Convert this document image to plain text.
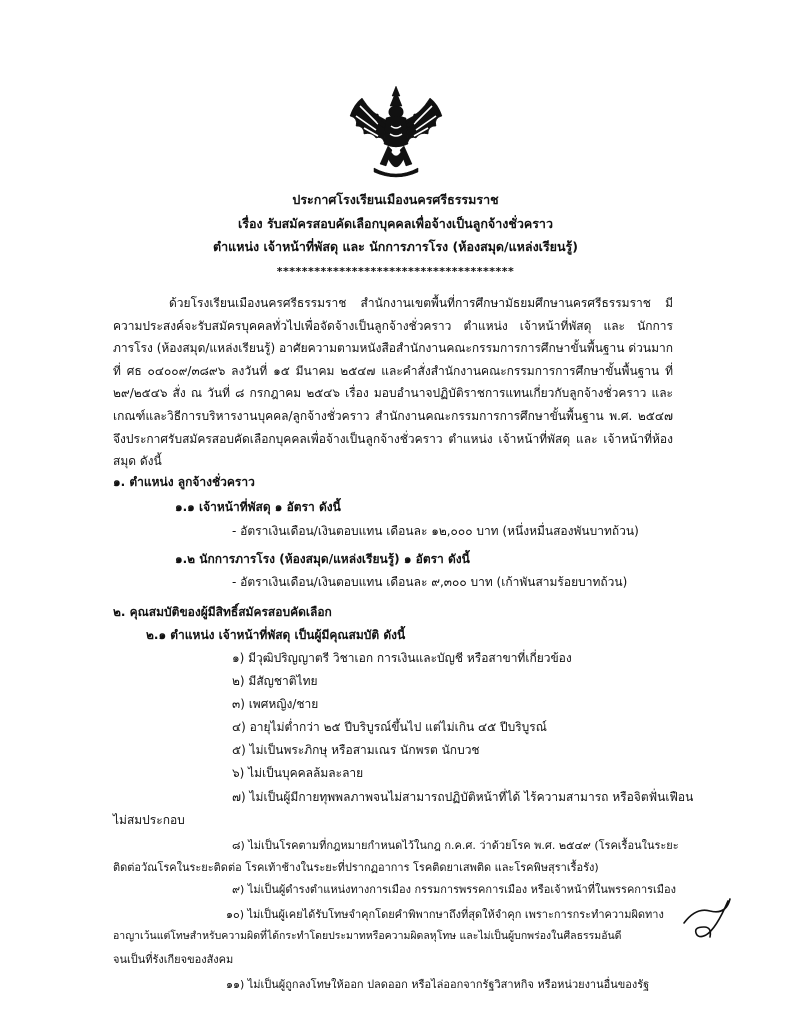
ประกาศโรงเรียนเมืองนครศรีธรรมราช
เรื่อง รับสมัครสอบคัดเลือกบุคคลเพื่อจ้างเป็นลูกจ้างชั่วคราว
ตำแหน่ง เจ้าหน้าที่พัสดุ และ นักการภารโรง (ห้องสมุด/แหล่งเรียนรู้)
**************************************
ด้วยโรงเรียนเมืองนครศรีธรรมราช สำนักงานเขตพื้นที่การศึกษามัธยมศึกษานครศรีธรรมราช มีความประสงค์จะรับสมัครบุคคลทั่วไปเพื่อจัดจ้างเป็นลูกจ้างชั่วคราว ตำแหน่ง เจ้าหน้าที่พัสดุ และ นักการภารโรง (ห้องสมุด/แหล่งเรียนรู้) อาศัยความตามหนังสือสำนักงานคณะกรรมการการศึกษาขั้นพื้นฐาน ด่วนมาก ที่ ศธ ๐๔๐๐๙/๓๘๙๖ ลงวันที่ ๑๕ มีนาคม ๒๕๔๗ และคำสั่งสำนักงานคณะกรรมการการศึกษาขั้นพื้นฐาน ที่ ๒๙/๒๕๔๖ สั่ง ณ วันที่ ๘ กรกฎาคม ๒๕๔๖ เรื่อง มอบอำนาจปฏิบัติราชการแทนเกี่ยวกับลูกจ้างชั่วคราว และเกณฑ์และวิธีการบริหารงานบุคคล/ลูกจ้างชั่วคราว สำนักงานคณะกรรมการการศึกษาขั้นพื้นฐาน พ.ศ. ๒๕๔๗ จึงประกาศรับสมัครสอบคัดเลือกบุคคลเพื่อจ้างเป็นลูกจ้างชั่วคราว ตำแหน่ง เจ้าหน้าที่พัสดุ และ เจ้าหน้าที่ห้องสมุด ดังนี้
๑. ตำแหน่ง ลูกจ้างชั่วคราว
๑.๑ เจ้าหน้าที่พัสดุ ๑ อัตรา ดังนี้
- อัตราเงินเดือน/เงินตอบแทน เดือนละ ๑๒,๐๐๐ บาท (หนึ่งหมื่นสองพันบาทถ้วน)
๑.๒ นักการภารโรง (ห้องสมุด/แหล่งเรียนรู้) ๑ อัตรา ดังนี้
- อัตราเงินเดือน/เงินตอบแทน เดือนละ ๙,๓๐๐ บาท (เก้าพันสามร้อยบาทถ้วน)
๒. คุณสมบัติของผู้มีสิทธิ์สมัครสอบคัดเลือก
๒.๑ ตำแหน่ง เจ้าหน้าที่พัสดุ เป็นผู้มีคุณสมบัติ ดังนี้
๑) มีวุฒิปริญญาตรี วิชาเอก การเงินและบัญชี หรือสาขาที่เกี่ยวข้อง
๒) มีสัญชาติไทย
๓) เพศหญิง/ชาย
๔) อายุไม่ต่ำกว่า ๒๕ ปีบริบูรณ์ขึ้นไป แต่ไม่เกิน ๔๕ ปีบริบูรณ์
๕) ไม่เป็นพระภิกษุ หรือสามเณร นักพรต นักบวช
๖) ไม่เป็นบุคคลล้มละลาย
๗) ไม่เป็นผู้มีกายทุพพลภาพจนไม่สามารถปฏิบัติหน้าที่ได้ ไร้ความสามารถ หรือจิตฟั่นเฟือน
ไม่สมประกอบ
๘) ไม่เป็นโรคตามที่กฎหมายกำหนดไว้ในกฎ ก.ค.ศ. ว่าด้วยโรค พ.ศ. ๒๕๔๙ (โรคเรื้อนในระยะ
ติดต่อวัณโรคในระยะติดต่อ โรคเท้าช้างในระยะที่ปรากฏอาการ โรคติดยาเสพติด และโรคพิษสุราเรื้อรัง)
๙) ไม่เป็นผู้ดำรงตำแหน่งทางการเมือง กรรมการพรรคการเมือง หรือเจ้าหน้าที่ในพรรคการเมือง
๑๐) ไม่เป็นผู้เคยได้รับโทษจำคุกโดยคำพิพากษาถึงที่สุดให้จำคุก เพราะการกระทำความผิดทาง
อาญาเว้นแต่โทษสำหรับความผิดที่ได้กระทำโดยประมาทหรือความผิดลหุโทษ และไม่เป็นผู้บกพร่องในศีลธรรมอันดี
จนเป็นที่รังเกียจของสังคม
๑๑) ไม่เป็นผู้ถูกลงโทษให้ออก ปลดออก หรือไล่ออกจากรัฐวิสาหกิจ หรือหน่วยงานอื่นของรัฐ
